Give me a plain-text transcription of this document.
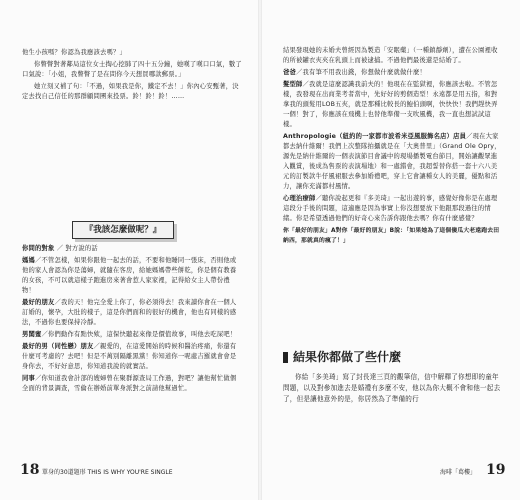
他生小孩嗎？你認為我應該去嗎？」

你瞥瞥對著鄰局這位女士掏心挖肺了四十五分鐘，她嘆了嘆口口氣，數了口氣說：「小姐，我瞥瞥了是在問你今天想買哪款郵票。」

她立刻又補了句：「不過，如果我是你，鐵定不去！」你內心安甄著，決定去找自己信任的那群顧問團來投票。鈴！鈴！鈴！……

『我該怎麼做呢？』

你問的對象 ／ 對方說的話

媽媽／不管怎樣，如果你跟他一起去的話，不要和他睡同一張床，否則他或他的家人會認為你是蕩婦，就隨在客房，給她媽媽帶些餅乾，你是個有教養的女孩，不可以就這樣子跑進房來著會惹人家家裡，記得給女主人帶份禮物！

最好的朋友／我的天！他完全愛上你了，你必須得去！我來讀你會在一個人訂婚的，懷孕，大肚的樣子，這是你們面和的很好的機會，他也有同樣的感法，不過你也要保持冷靜。

男閨蜜／你們動作有點快欸，這保快聽起來像是價值故事，叫他去吃屎吧！

最好的男（同性戀）朋友／親愛的，在這愛開始的時候和醫治疼痛，你還有什麼可考慮的？去吧！但是不萬別隔離黑黨！你知道你一呢處吉羅就會會是身你去，不好好意思，你知道我說的就實話。

同事／你知道我會計部的嫂婦曾在聚群源查局工作過，對吧？讓他幫忙做個全面的背景調查，雪倫在辦婚前單身派對之前請他幫過忙。

18 單身的30道題形 THIS IS WHY YOU'RE SINGLE

結果發現她的未婚夫曾經因為製造「安眠藥」（一種鎮靜劑），遭在公園裡收的所被罐衣夾夾在乳頭上而被逮捕。不過他們最後還是結婚了。

爸爸／我有筆不用我出錢，你想做什麼就做什麼！

髮型師／我就是這麼認識我前夫的！他現在在監獄裡，你應該去啦。不管怎樣，我發現在出商業考者當中，先好好的剪個造型！永遠都是用五指，和對拿我的頭髮用LOB五夾，就是那種比較長的鮑伯頭啊，快快快！我們趕快弄一個！對了，你應該在飛機上也替他準備一支吹風機，我一直也想試試這樣。

Anthropologie（紐約的一家都市波希米亞風服飾名店）店員／現在大家都去納什維爾！我們上次整隊拍攝就是在「大奧普里」（Grand Ole Opry，源先是納什維爾的一個表演節目會議中的現場播製電台節目，開始讓觀眾進入觀賞，後成為售票的表演場地）和一處錯會，我超誓替你搭一套十六八美元的訂製款牛仔風裙服去參加婚禮吧，穿上它會讓種女人的美麗，優點和活力，讓你充滿都村風情。

心理治療師／聽你說起更和『多美琦』一起出遊的事，感覺好像你是在處理這段分手後的問題，這適應是因為事實上你沒想要放下他跟那段過往的情緒。你是希望透過他們的好奇心來告訴你跟他去嗎？你有什麼感覺？

你「最好的朋友」A對你「最好的朋友」B說：「如果她為了這個傻瓜大老遠跑去田納西，那就真的瘋了！」

結果你都做了些什麼

你給「多美琦」寫了封長達三頁的觀筆信，信中解釋了你想即的童年問題，以及對參加進去是婚禮有多麼不安，他以為你大概不會和他一起去了，但是讓他意外的是，你居然為了準備的行

海啡「葛樓」 19
